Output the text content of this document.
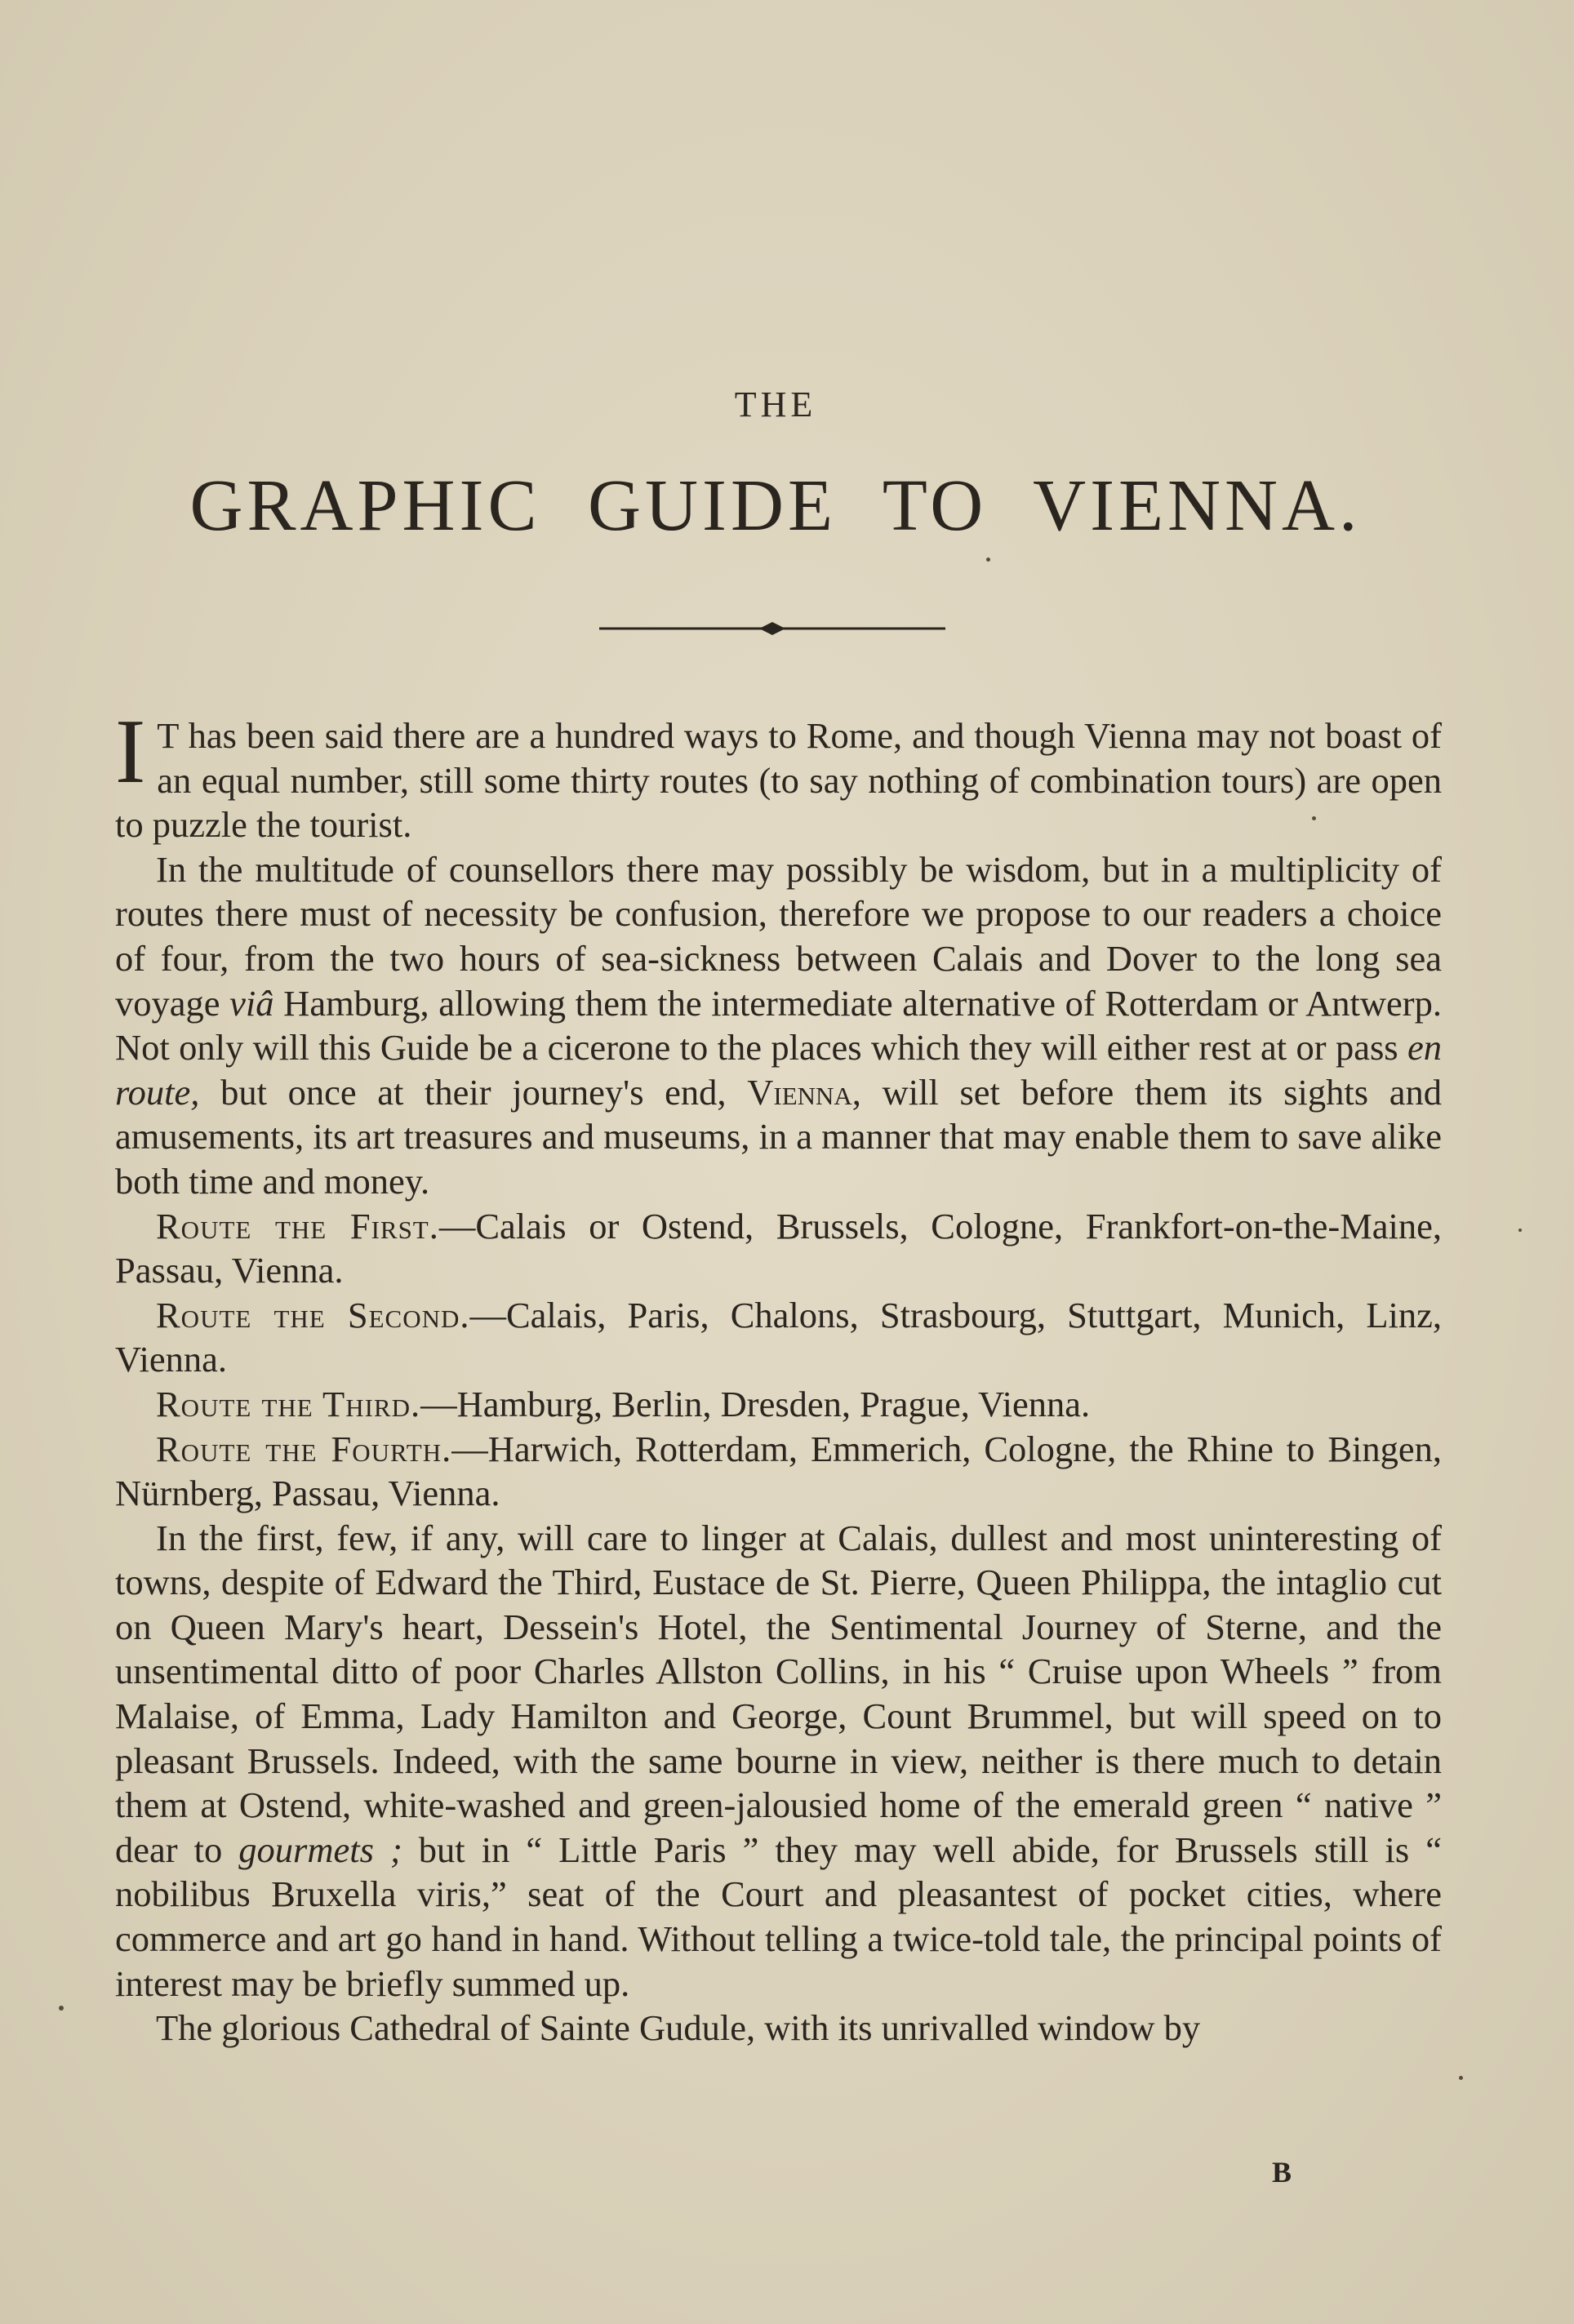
THE
GRAPHIC GUIDE TO VIENNA.

I T has been said there are a hundred ways to Rome, and though Vienna may not boast of an equal number, still some thirty routes (to say nothing of combination tours) are open to puzzle the tourist.

In the multitude of counsellors there may possibly be wisdom, but in a multiplicity of routes there must of necessity be confusion, therefore we propose to our readers a choice of four, from the two hours of sea-sickness between Calais and Dover to the long sea voyage viâ Hamburg, allowing them the intermediate alternative of Rotterdam or Antwerp. Not only will this Guide be a cicerone to the places which they will either rest at or pass en route, but once at their journey's end, Vienna, will set before them its sights and amusements, its art treasures and museums, in a manner that may enable them to save alike both time and money.

Route the First.—Calais or Ostend, Brussels, Cologne, Frankfort-on-the-Maine, Passau, Vienna.

Route the Second.—Calais, Paris, Chalons, Strasbourg, Stuttgart, Munich, Linz, Vienna.

Route the Third.—Hamburg, Berlin, Dresden, Prague, Vienna.

Route the Fourth.—Harwich, Rotterdam, Emmerich, Cologne, the Rhine to Bingen, Nürnberg, Passau, Vienna.

In the first, few, if any, will care to linger at Calais, dullest and most uninteresting of towns, despite of Edward the Third, Eustace de St. Pierre, Queen Philippa, the intaglio cut on Queen Mary's heart, Dessein's Hotel, the Sentimental Journey of Sterne, and the unsentimental ditto of poor Charles Allston Collins, in his “ Cruise upon Wheels ” from Malaise, of Emma, Lady Hamilton and George, Count Brummel, but will speed on to pleasant Brussels. Indeed, with the same bourne in view, neither is there much to detain them at Ostend, white-washed and green-jalousied home of the emerald green “ native ” dear to gourmets ; but in “ Little Paris ” they may well abide, for Brussels still is “ nobilibus Bruxella viris,” seat of the Court and pleasantest of pocket cities, where commerce and art go hand in hand. Without telling a twice-told tale, the principal points of interest may be briefly summed up.

The glorious Cathedral of Sainte Gudule, with its unrivalled window by

B
